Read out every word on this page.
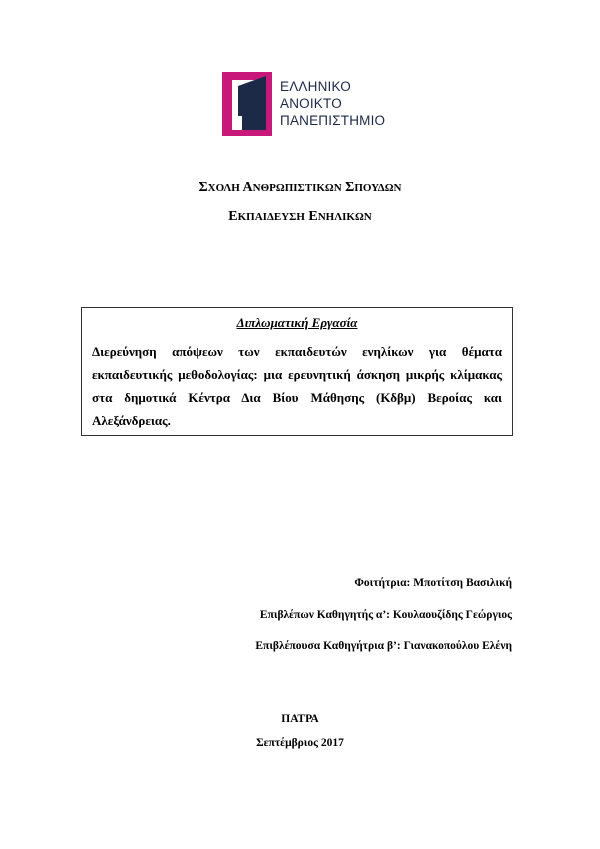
ΕΛΛΗΝΙΚΟ
ΑΝΟΙΚΤΟ
ΠΑΝΕΠΙΣΤΗΜΙΟ
ΣΧΟΛΗ ΑΝΘΡΩΠΙΣΤΙΚΩΝ ΣΠΟΥΔΩΝ
ΕΚΠΑΙΔΕΥΣΗ ΕΝΗΛΙΚΩΝ
Διπλωματική Εργασία
Διερεύνηση απόψεων των εκπαιδευτών ενηλίκων για θέματα εκπαιδευτικής μεθοδολογίας: μια ερευνητική άσκηση μικρής κλίμακας στα δημοτικά Κέντρα Δια Βίου Μάθησης (Κδβμ) Βεροίας και Αλεξάνδρειας.
Φοιτήτρια: Μποτίτση Βασιλική
Επιβλέπων Καθηγητής α’: Κουλαουζίδης Γεώργιος
Επιβλέπουσα Καθηγήτρια β’: Γιανακοπούλου Ελένη
ΠΑΤΡΑ
Σεπτέμβριος 2017
